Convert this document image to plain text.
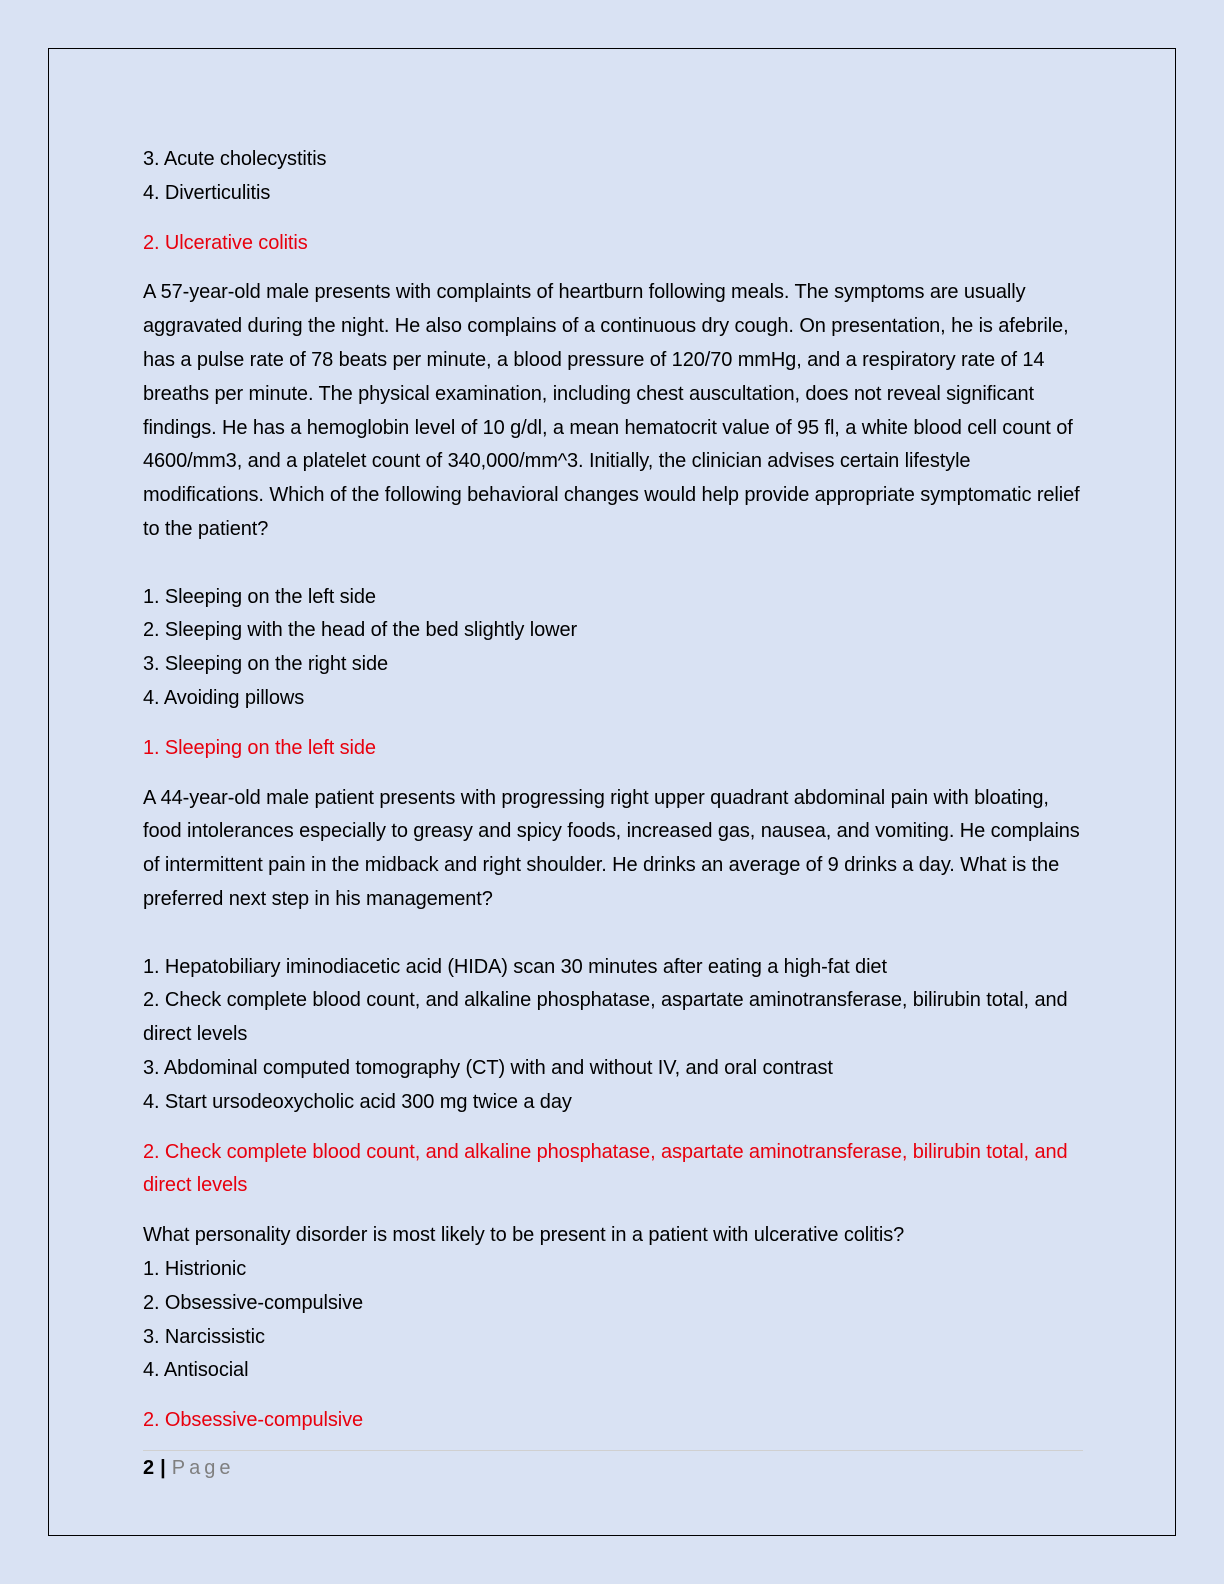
3. Acute cholecystitis

4. Diverticulitis

2. Ulcerative colitis

A 57-year-old male presents with complaints of heartburn following meals. The symptoms are usually aggravated during the night. He also complains of a continuous dry cough. On presentation, he is afebrile, has a pulse rate of 78 beats per minute, a blood pressure of 120/70 mmHg, and a respiratory rate of 14 breaths per minute. The physical examination, including chest auscultation, does not reveal significant findings. He has a hemoglobin level of 10 g/dl, a mean hematocrit value of 95 fl, a white blood cell count of 4600/mm3, and a platelet count of 340,000/mm^3. Initially, the clinician advises certain lifestyle modifications. Which of the following behavioral changes would help provide appropriate symptomatic relief to the patient?

1. Sleeping on the left side

2. Sleeping with the head of the bed slightly lower

3. Sleeping on the right side

4. Avoiding pillows

1. Sleeping on the left side

A 44-year-old male patient presents with progressing right upper quadrant abdominal pain with bloating, food intolerances especially to greasy and spicy foods, increased gas, nausea, and vomiting. He complains of intermittent pain in the midback and right shoulder. He drinks an average of 9 drinks a day. What is the preferred next step in his management?

1. Hepatobiliary iminodiacetic acid (HIDA) scan 30 minutes after eating a high-fat diet

2. Check complete blood count, and alkaline phosphatase, aspartate aminotransferase, bilirubin total, and direct levels

3. Abdominal computed tomography (CT) with and without IV, and oral contrast

4. Start ursodeoxycholic acid 300 mg twice a day

2. Check complete blood count, and alkaline phosphatase, aspartate aminotransferase, bilirubin total, and direct levels

What personality disorder is most likely to be present in a patient with ulcerative colitis?

1. Histrionic

2. Obsessive-compulsive

3. Narcissistic

4. Antisocial

2. Obsessive-compulsive

2 | Page
